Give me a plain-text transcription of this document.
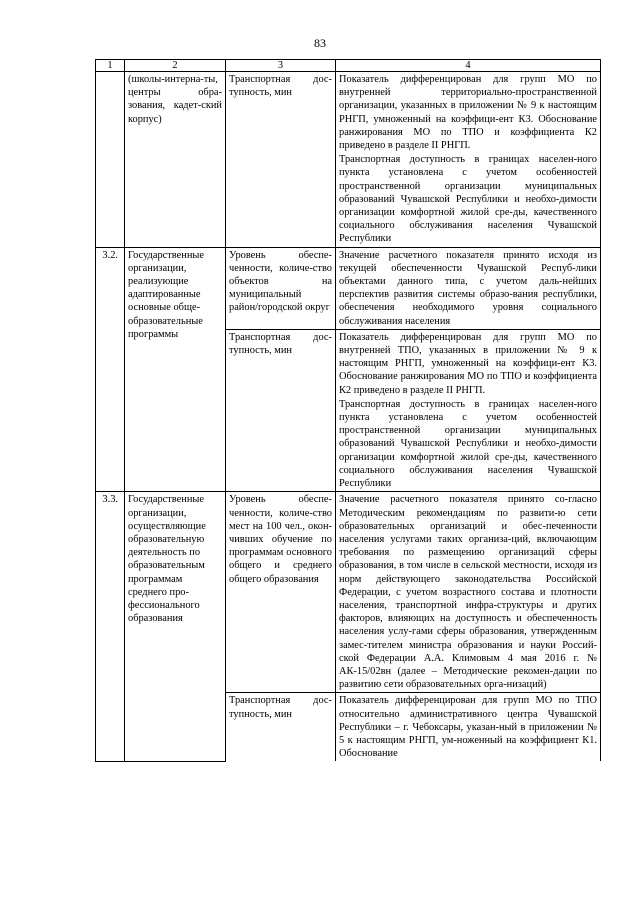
83
1	2	3	4
	(школы-интерна-ты, центры обра-зования, кадет-ский корпус)	Транспортная дос-тупность, мин	Показатель дифференцирован для групп МО по внутренней территориально-пространственной организации, указанных в приложении № 9 к настоящим РНГП, умноженный на коэффици-ент К3. Обоснование ранжирования МО по ТПО и коэффициента К2 приведено в разделе II РНГП.
Транспортная доступность в границах населен-ного пункта установлена с учетом особенностей пространственной организации муниципальных образований Чувашской Республики и необхо-димости организации комфортной жилой сре-ды, качественного социального обслуживания населения Чувашской Республики

3.2.	Государственные организации, реализующие адаптированные основные обще-образовательные программы	Уровень обеспе-ченности, количе-ство объектов на муниципальный район/городской округ	Значение расчетного показателя принято исходя из текущей обеспеченности Чувашской Респуб-лики объектами данного типа, с учетом даль-нейших перспектив развития системы образо-вания республики, обеспечения необходимого уровня социального обслуживания населения

		Транспортная дос-тупность, мин	Показатель дифференцирован для групп МО по внутренней ТПО, указанных в приложении № 9 к настоящим РНГП, умноженный на коэффици-ент К3. Обоснование ранжирования МО по ТПО и коэффициента К2 приведено в разделе II РНГП.
Транспортная доступность в границах населен-ного пункта установлена с учетом особенностей пространственной организации муниципальных образований Чувашской Республики и необхо-димости организации комфортной жилой сре-ды, качественного социального обслуживания населения Чувашской Республики

3.3.	Государственные организации, осуществляющие образовательную деятельность по образовательным программам среднего про-фессионального образования	Уровень обеспе-ченности, количе-ство мест на 100 чел., окон-чивших обучение по программам основного общего и среднего общего образования	Значение расчетного показателя принято со-гласно Методическим рекомендациям по развити-ю сети образовательных организаций и обес-печенности населения услугами таких организа-ций, включающим требования по размещению организаций сферы образования, в том числе в сельской местности, исходя из норм действующего законодательства Российской Федерации, с учетом возрастного состава и плотности населения, транспортной инфра-структуры и других факторов, влияющих на доступность и обеспеченность населения услу-гами сферы образования, утвержденным замес-тителем министра образования и науки Россий-ской Федерации А.А. Климовым 4 мая 2016 г. № АК-15/02вн (далее – Методические рекомен-дации по развитию сети образовательных орга-низаций)

		Транспортная дос-тупность, мин	Показатель дифференцирован для групп МО по ТПО относительно административного центра Чувашской Республики – г. Чебоксары, указан-ный в приложении № 5 к настоящим РНГП, ум-ноженный на коэффициент К1. Обоснование
